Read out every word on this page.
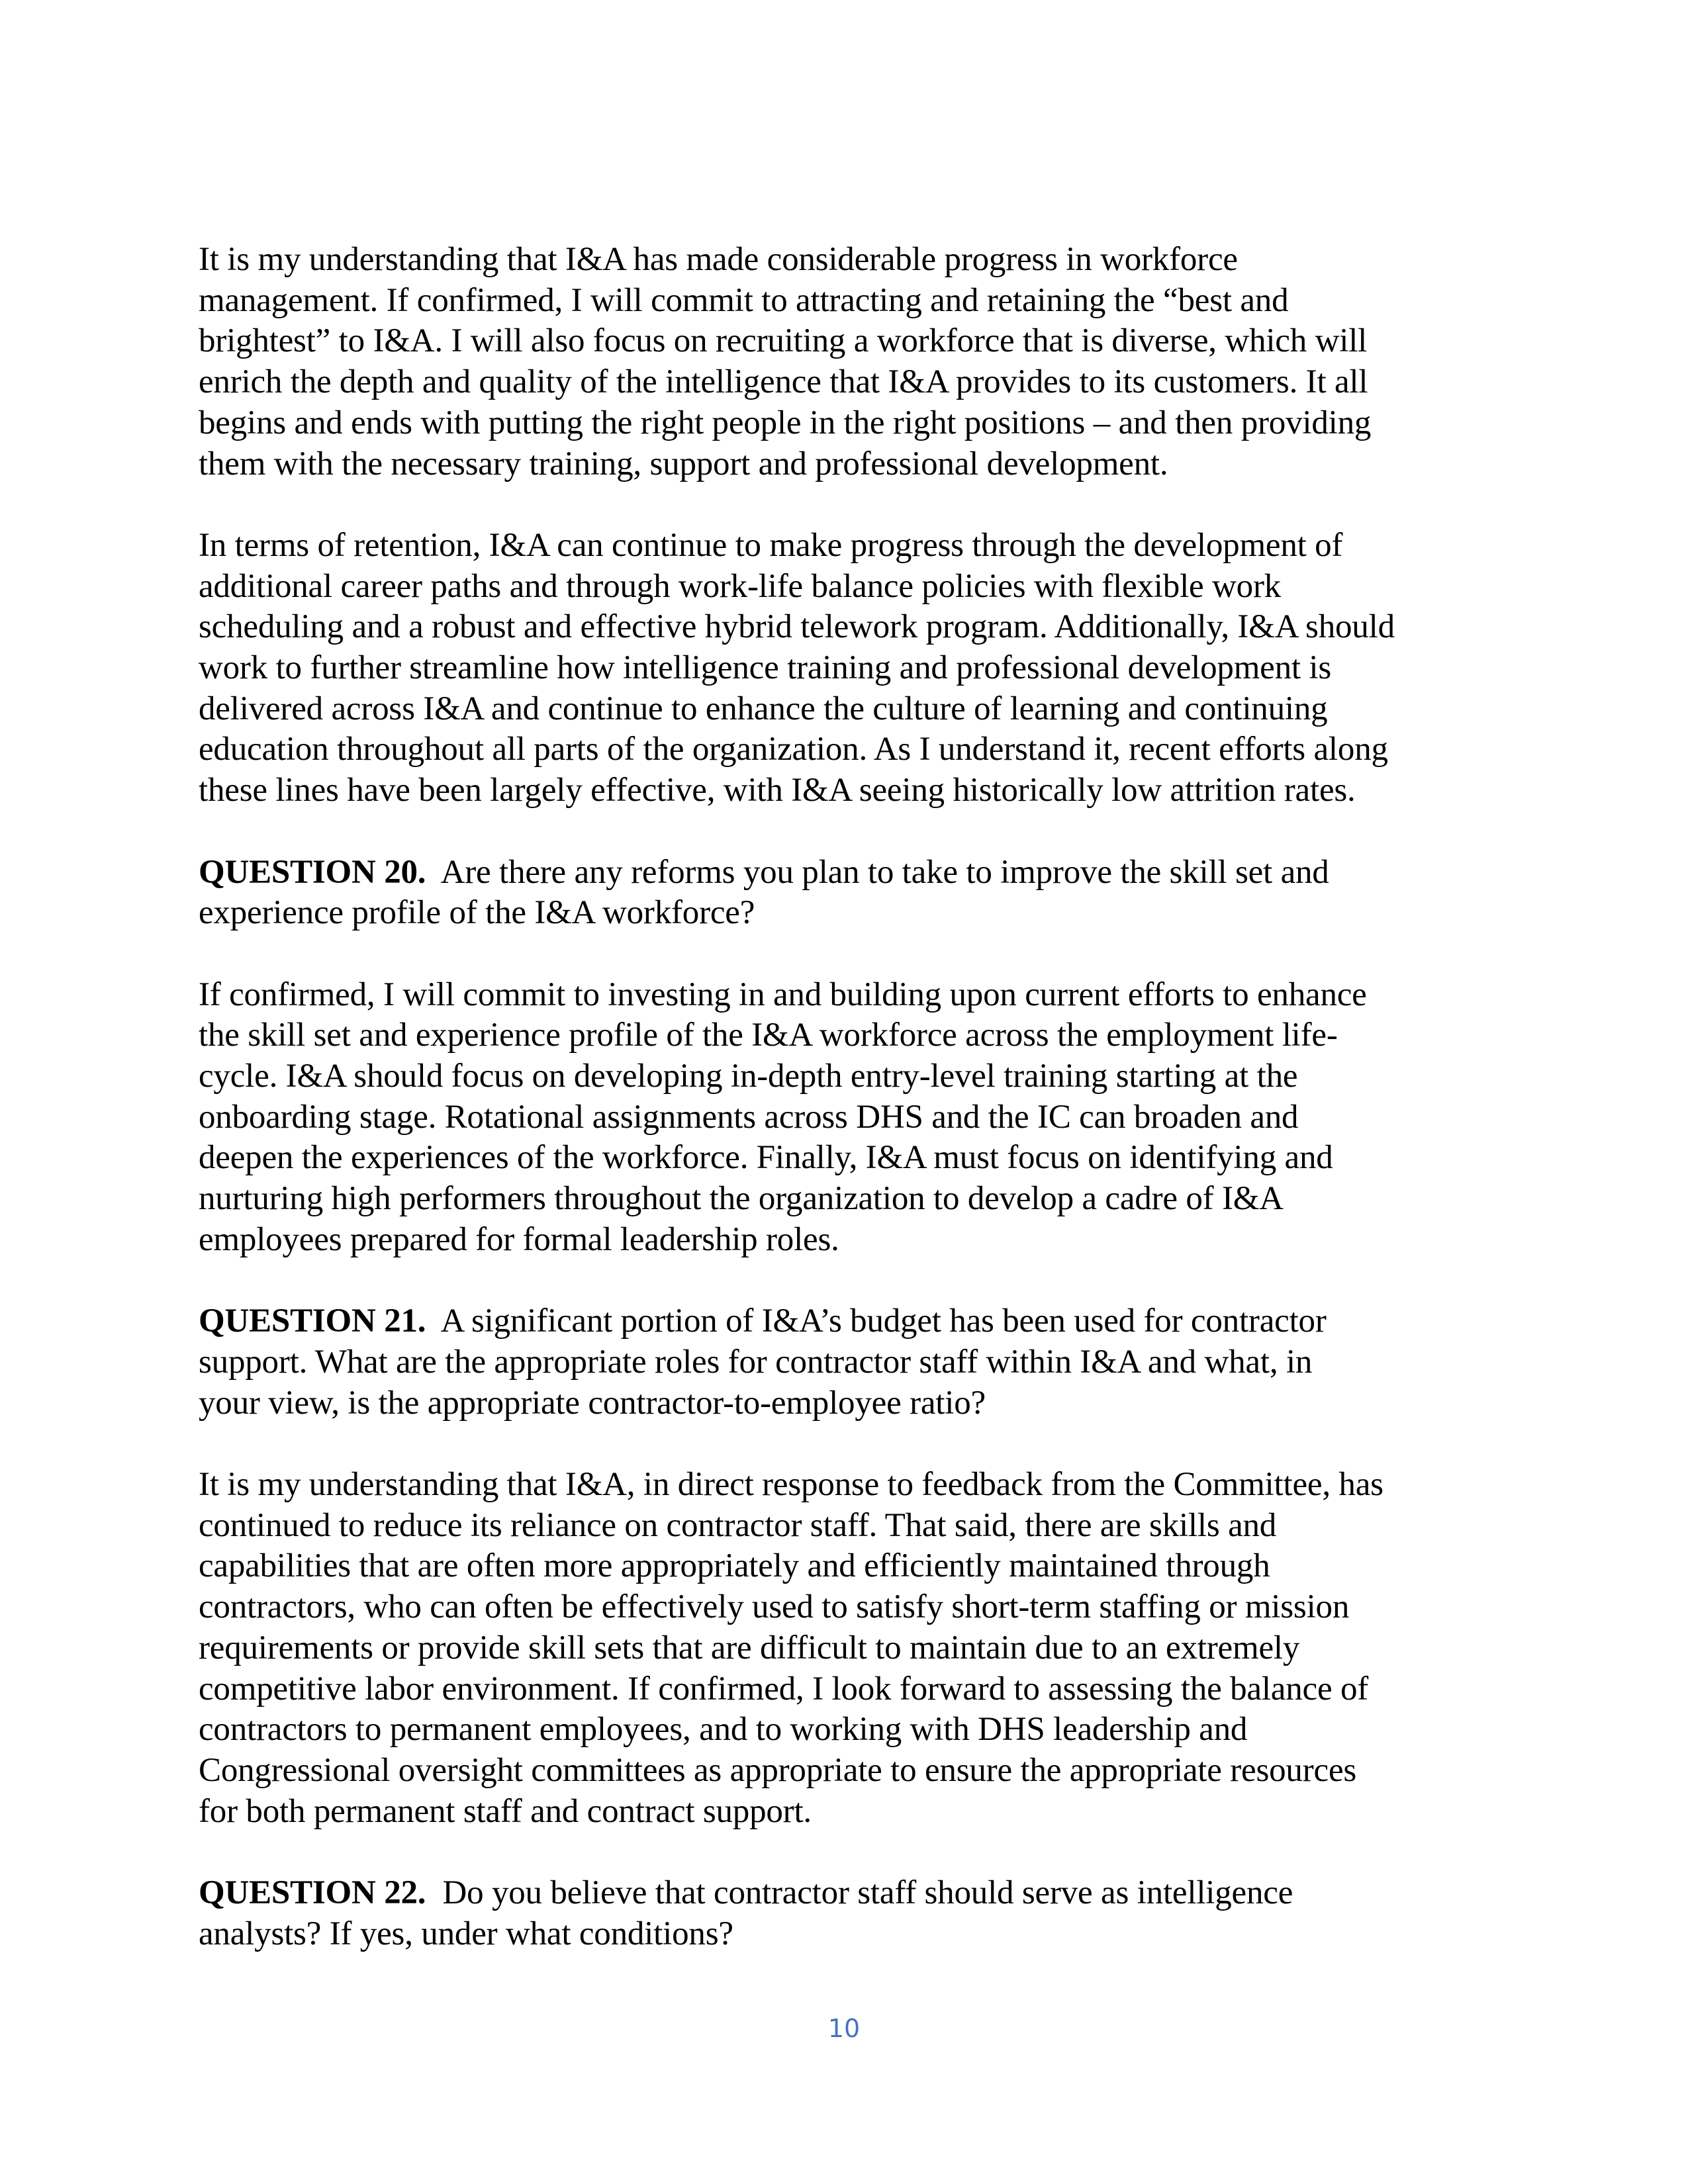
It is my understanding that I&A has made considerable progress in workforce
management. If confirmed, I will commit to attracting and retaining the “best and
brightest” to I&A. I will also focus on recruiting a workforce that is diverse, which will
enrich the depth and quality of the intelligence that I&A provides to its customers. It all
begins and ends with putting the right people in the right positions – and then providing
them with the necessary training, support and professional development.

In terms of retention, I&A can continue to make progress through the development of
additional career paths and through work-life balance policies with flexible work
scheduling and a robust and effective hybrid telework program. Additionally, I&A should
work to further streamline how intelligence training and professional development is
delivered across I&A and continue to enhance the culture of learning and continuing
education throughout all parts of the organization. As I understand it, recent efforts along
these lines have been largely effective, with I&A seeing historically low attrition rates.

QUESTION 20.  Are there any reforms you plan to take to improve the skill set and
experience profile of the I&A workforce?

If confirmed, I will commit to investing in and building upon current efforts to enhance
the skill set and experience profile of the I&A workforce across the employment life-
cycle. I&A should focus on developing in-depth entry-level training starting at the
onboarding stage. Rotational assignments across DHS and the IC can broaden and
deepen the experiences of the workforce. Finally, I&A must focus on identifying and
nurturing high performers throughout the organization to develop a cadre of I&A
employees prepared for formal leadership roles.

QUESTION 21.  A significant portion of I&A’s budget has been used for contractor
support. What are the appropriate roles for contractor staff within I&A and what, in
your view, is the appropriate contractor-to-employee ratio?

It is my understanding that I&A, in direct response to feedback from the Committee, has
continued to reduce its reliance on contractor staff. That said, there are skills and
capabilities that are often more appropriately and efficiently maintained through
contractors, who can often be effectively used to satisfy short-term staffing or mission
requirements or provide skill sets that are difficult to maintain due to an extremely
competitive labor environment. If confirmed, I look forward to assessing the balance of
contractors to permanent employees, and to working with DHS leadership and
Congressional oversight committees as appropriate to ensure the appropriate resources
for both permanent staff and contract support.

QUESTION 22.  Do you believe that contractor staff should serve as intelligence
analysts? If yes, under what conditions?

10
